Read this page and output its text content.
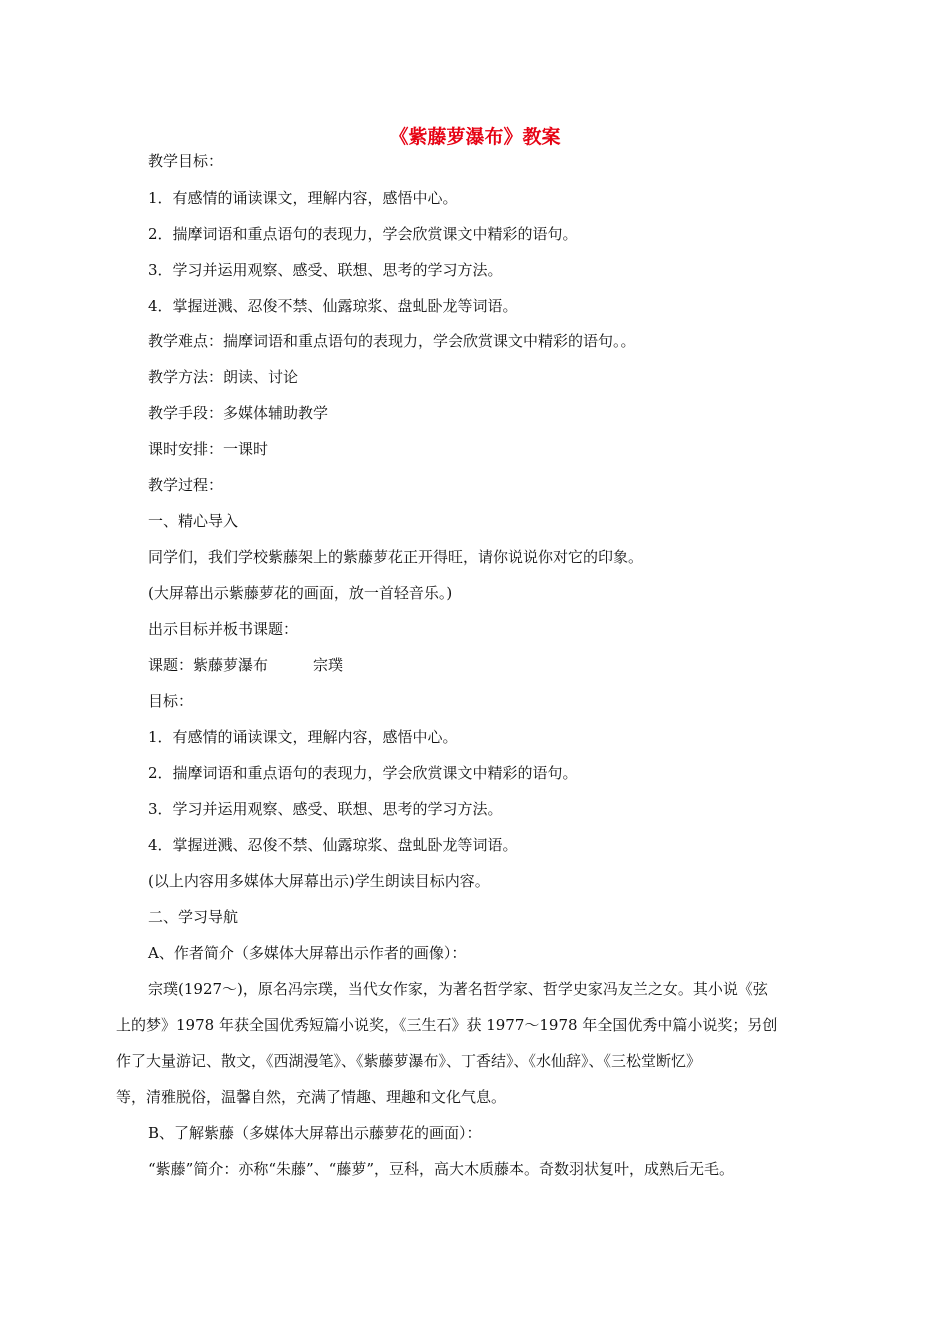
《紫藤萝瀑布》教案
教学目标：
1．有感情的诵读课文，理解内容，感悟中心。
2．揣摩词语和重点语句的表现力，学会欣赏课文中精彩的语句。
3．学习并运用观察、感受、联想、思考的学习方法。
4．掌握迸溅、忍俊不禁、仙露琼浆、盘虬卧龙等词语。
教学难点：揣摩词语和重点语句的表现力，学会欣赏课文中精彩的语句。。
教学方法：朗读、讨论
教学手段：多媒体辅助教学
课时安排：一课时
教学过程：
一、精心导入
同学们，我们学校紫藤架上的紫藤萝花正开得旺，请你说说你对它的印象。
(大屏幕出示紫藤萝花的画面，放一首轻音乐。)
出示目标并板书课题：
课题：紫藤萝瀑布　　　宗璞
目标：
1．有感情的诵读课文，理解内容，感悟中心。
2．揣摩词语和重点语句的表现力，学会欣赏课文中精彩的语句。
3．学习并运用观察、感受、联想、思考的学习方法。
4．掌握迸溅、忍俊不禁、仙露琼浆、盘虬卧龙等词语。
(以上内容用多媒体大屏幕出示)学生朗读目标内容。
二、学习导航
A、作者简介（多媒体大屏幕出示作者的画像）：
宗璞(1927～)，原名冯宗璞，当代女作家，为著名哲学家、哲学史家冯友兰之女。其小说《弦
上的梦》1978 年获全国优秀短篇小说奖，《三生石》获 1977～1978 年全国优秀中篇小说奖；另创
作了大量游记、散文，《西湖漫笔》、《紫藤萝瀑布》、丁香结》、《水仙辞》、《三松堂断忆》
等，清雅脱俗，温馨自然，充满了情趣、理趣和文化气息。
B、了解紫藤（多媒体大屏幕出示藤萝花的画面）：
“紫藤”简介：亦称“朱藤”、“藤萝”，豆科，高大木质藤本。奇数羽状复叶，成熟后无毛。
